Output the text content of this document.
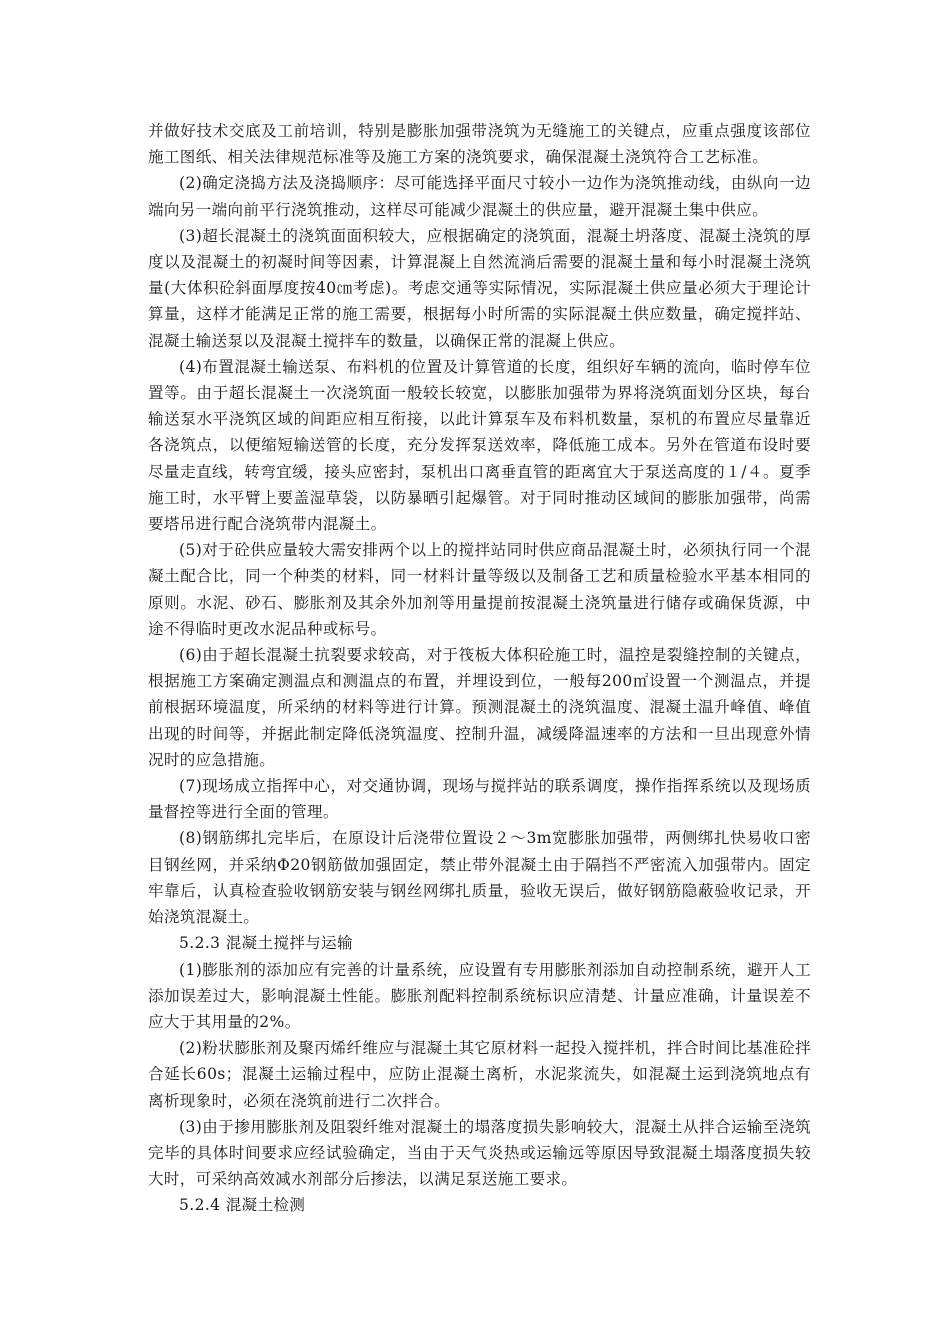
并做好技术交底及工前培训，特别是膨胀加强带浇筑为无缝施工的关键点，应重点强度该部位施工图纸、相关法律规范标准等及施工方案的浇筑要求，确保混凝土浇筑符合工艺标准。

(2)确定浇捣方法及浇捣顺序：尽可能选择平面尺寸较小一边作为浇筑推动线，由纵向一边端向另一端向前平行浇筑推动，这样尽可能减少混凝土的供应量，避开混凝土集中供应。

(3)超长混凝土的浇筑面面积较大，应根据确定的浇筑面，混凝土坍落度、混凝土浇筑的厚度以及混凝土的初凝时间等因素，计算混凝上自然流淌后需要的混凝土量和每小时混凝土浇筑量(大体积砼斜面厚度按40㎝考虑)。考虑交通等实际情况，实际混凝土供应量必须大于理论计算量，这样才能满足正常的施工需要，根据每小时所需的实际混凝土供应数量，确定搅拌站、混凝土输送泵以及混凝土搅拌车的数量，以确保正常的混凝上供应。

(4)布置混凝土输送泵、布料机的位置及计算管道的长度，组织好车辆的流向，临时停车位置等。由于超长混凝土一次浇筑面一般较长较宽，以膨胀加强带为界将浇筑面划分区块，每台输送泵水平浇筑区域的间距应相互衔接，以此计算泵车及布料机数量，泵机的布置应尽量靠近各浇筑点，以便缩短输送管的长度，充分发挥泵送效率，降低施工成本。另外在管道布设时要尽量走直线，转弯宜缓，接头应密封，泵机出口离垂直管的距离宜大于泵送高度的１/４。夏季施工时，水平臂上要盖湿草袋，以防暴晒引起爆管。对于同时推动区域间的膨胀加强带，尚需要塔吊进行配合浇筑带内混凝土。

(5)对于砼供应量较大需安排两个以上的搅拌站同时供应商品混凝土时，必须执行同一个混凝土配合比，同一个种类的材料，同一材料计量等级以及制备工艺和质量检验水平基本相同的原则。水泥、砂石、膨胀剂及其余外加剂等用量提前按混凝土浇筑量进行储存或确保货源，中途不得临时更改水泥品种或标号。

(6)由于超长混凝土抗裂要求较高，对于筏板大体积砼施工时，温控是裂缝控制的关键点，根据施工方案确定测温点和测温点的布置，并埋设到位，一般每200㎡设置一个测温点，并提前根据环境温度，所采纳的材料等进行计算。预测混凝土的浇筑温度、混凝土温升峰值、峰值出现的时间等，并据此制定降低浇筑温度、控制升温，减缓降温速率的方法和一旦出现意外情况时的应急措施。

(7)现场成立指挥中心，对交通协调，现场与搅拌站的联系调度，操作指挥系统以及现场质量督控等进行全面的管理。

(8)钢筋绑扎完毕后，在原设计后浇带位置设２～3m宽膨胀加强带，两侧绑扎快易收口密目钢丝网，并采纳Φ20钢筋做加强固定，禁止带外混凝土由于隔挡不严密流入加强带内。固定牢靠后，认真检查验收钢筋安装与钢丝网绑扎质量，验收无误后，做好钢筋隐蔽验收记录，开始浇筑混凝土。

5.2.3 混凝土搅拌与运输

(1)膨胀剂的添加应有完善的计量系统，应设置有专用膨胀剂添加自动控制系统，避开人工添加误差过大，影响混凝土性能。膨胀剂配料控制系统标识应清楚、计量应准确，计量误差不应大于其用量的2%。

(2)粉状膨胀剂及聚丙烯纤维应与混凝土其它原材料一起投入搅拌机，拌合时间比基准砼拌合延长60s；混凝土运输过程中，应防止混凝土离析，水泥浆流失，如混凝土运到浇筑地点有离析现象时，必须在浇筑前进行二次拌合。

(3)由于掺用膨胀剂及阻裂纤维对混凝土的塌落度损失影响较大，混凝土从拌合运输至浇筑完毕的具体时间要求应经试验确定，当由于天气炎热或运输远等原因导致混凝土塌落度损失较大时，可采纳高效减水剂部分后掺法，以满足泵送施工要求。

5.2.4 混凝土检测
